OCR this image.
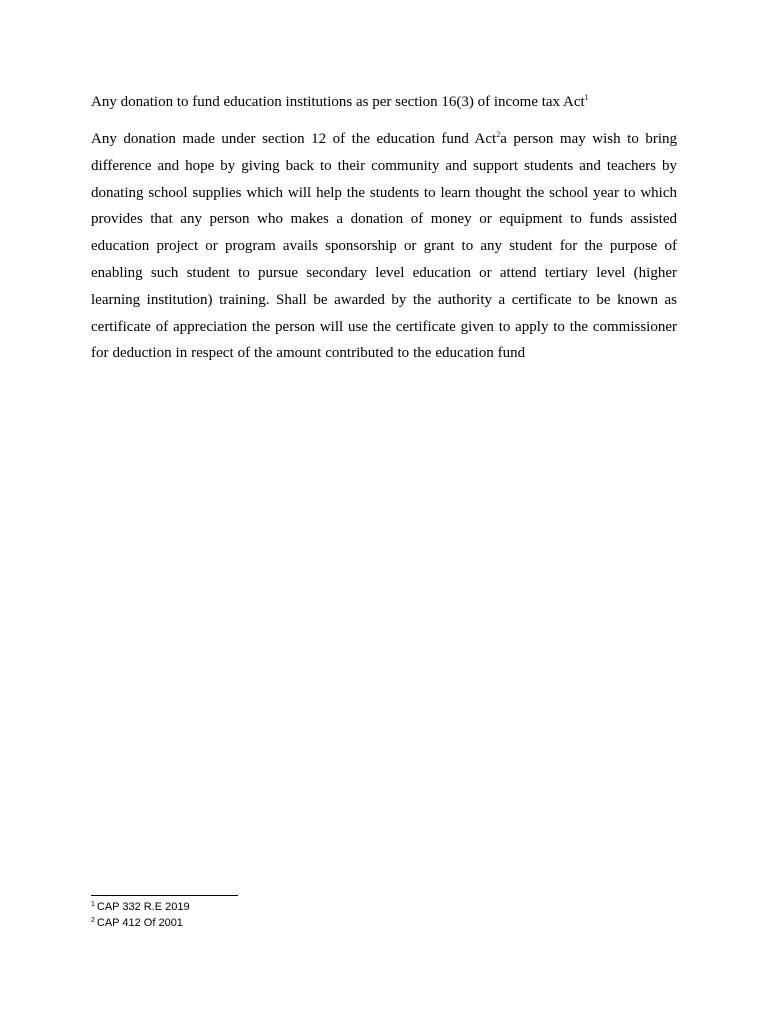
Any donation to fund education institutions as per section 16(3) of income tax Act$^1$

Any donation made under section 12 of the education fund Act$^2$a person may wish to bring difference and hope by giving back to their community and support students and teachers by donating school supplies which will help the students to learn thought the school year to which provides that any person who makes a donation of money or equipment to funds assisted education project or program avails sponsorship or grant to any student for the purpose of enabling such student to pursue secondary level education or attend tertiary level (higher learning institution) training. Shall be awarded by the authority a certificate to be known as certificate of appreciation the person will use the certificate given to apply to the commissioner for deduction in respect of the amount contributed to the education fund

$^1$ CAP 332 R.E 2019

$^2$ CAP 412 Of 2001
